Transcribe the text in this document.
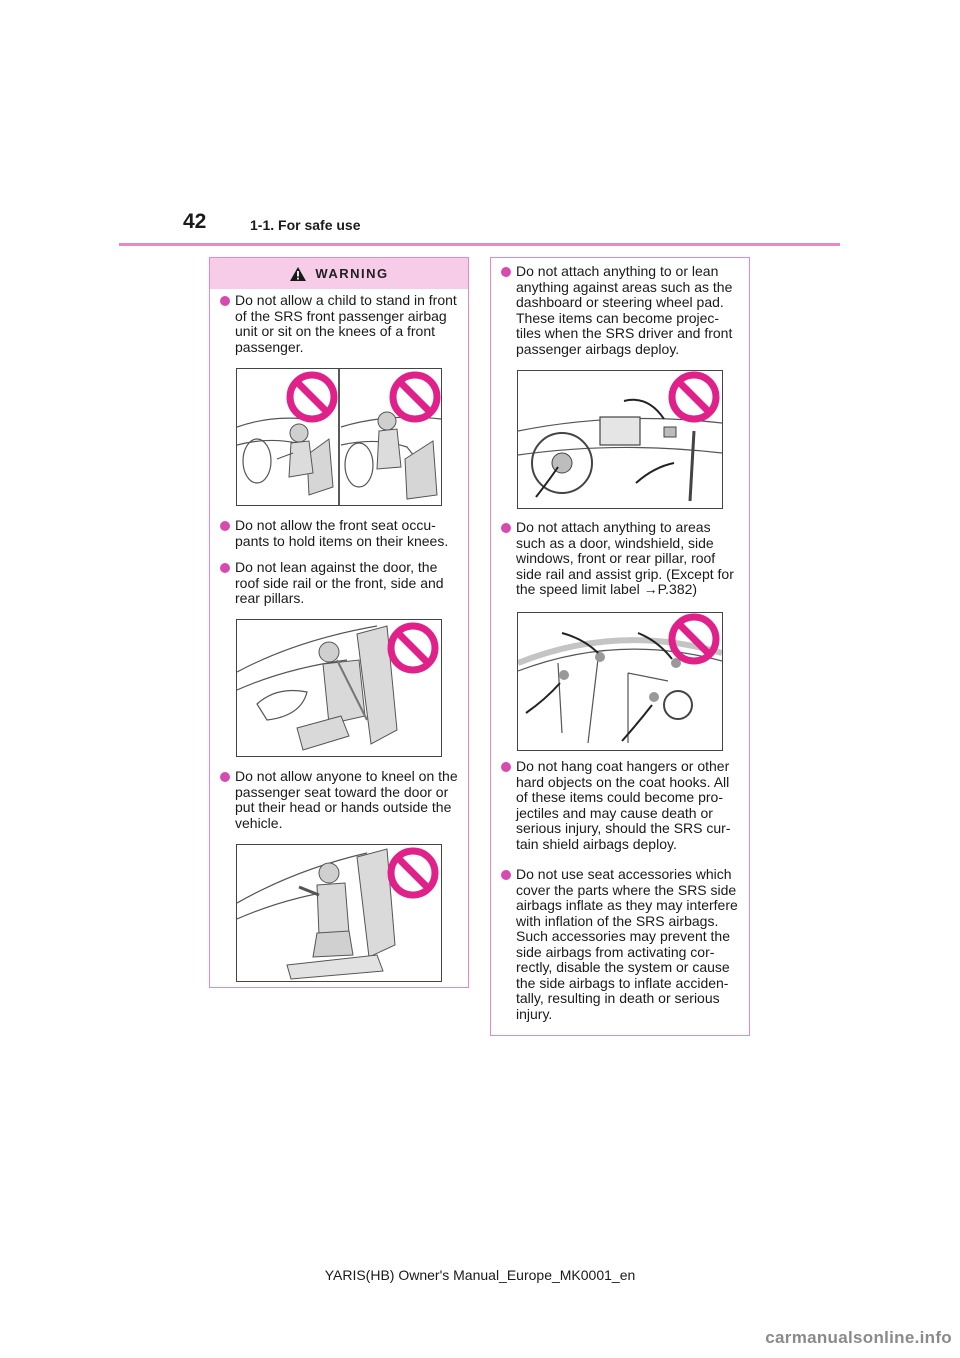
42	1-1. For safe use
WARNING
Do not allow a child to stand in front
of the SRS front passenger airbag
unit or sit on the knees of a front
passenger.
Do not allow the front seat occu-
pants to hold items on their knees.
Do not lean against the door, the
roof side rail or the front, side and
rear pillars.
Do not allow anyone to kneel on the
passenger seat toward the door or
put their head or hands outside the
vehicle.
Do not attach anything to or lean
anything against areas such as the
dashboard or steering wheel pad.
These items can become projec-
tiles when the SRS driver and front
passenger airbags deploy.
Do not attach anything to areas
such as a door, windshield, side
windows, front or rear pillar, roof
side rail and assist grip. (Except for
the speed limit label →P.382)
Do not hang coat hangers or other
hard objects on the coat hooks. All
of these items could become pro-
jectiles and may cause death or
serious injury, should the SRS cur-
tain shield airbags deploy.
Do not use seat accessories which
cover the parts where the SRS side
airbags inflate as they may interfere
with inflation of the SRS airbags.
Such accessories may prevent the
side airbags from activating cor-
rectly, disable the system or cause
the side airbags to inflate acciden-
tally, resulting in death or serious
injury.
YARIS(HB) Owner's Manual_Europe_MK0001_en
carmanualsonline.info
